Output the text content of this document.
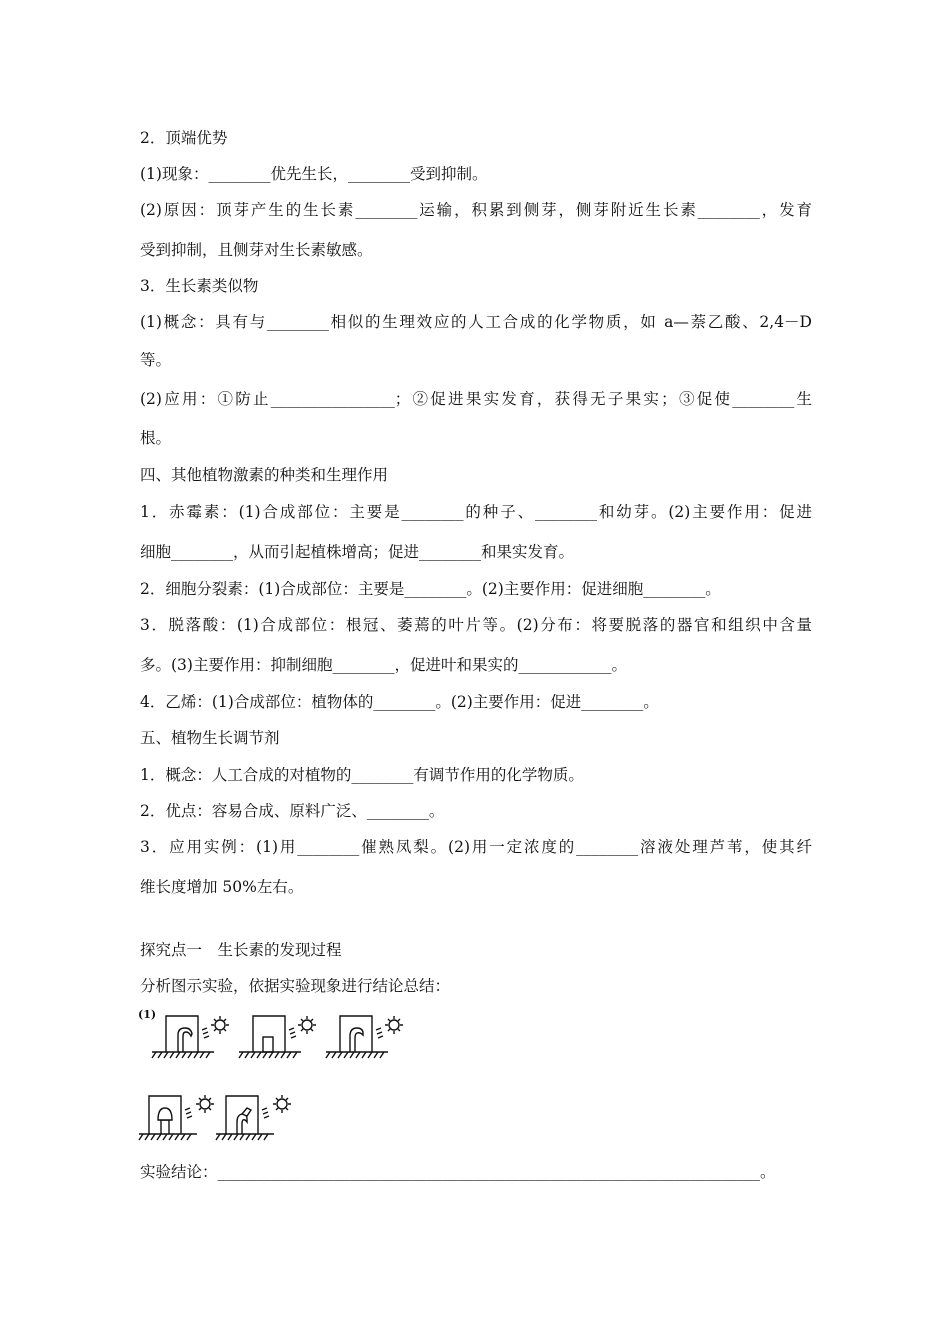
2．顶端优势
(1)现象：________优先生长，________受到抑制。
(2)原因：顶芽产生的生长素________运输，积累到侧芽，侧芽附近生长素________，发育
受到抑制，且侧芽对生长素敏感。
3．生长素类似物
(1)概念：具有与________相似的生理效应的人工合成的化学物质，如 a—萘乙酸、2,4－D
等。
(2)应用：①防止________________；②促进果实发育，获得无子果实；③促使________生
根。
四、其他植物激素的种类和生理作用
1．赤霉素：(1)合成部位：主要是________的种子、________和幼芽。(2)主要作用：促进
细胞________，从而引起植株增高；促进________和果实发育。
2．细胞分裂素：(1)合成部位：主要是________。(2)主要作用：促进细胞________。
3．脱落酸：(1)合成部位：根冠、萎蔫的叶片等。(2)分布：将要脱落的器官和组织中含量
多。(3)主要作用：抑制细胞________，促进叶和果实的____________。
4．乙烯：(1)合成部位：植物体的________。(2)主要作用：促进________。
五、植物生长调节剂
1．概念：人工合成的对植物的________有调节作用的化学物质。
2．优点：容易合成、原料广泛、________。
3．应用实例：(1)用________催熟凤梨。(2)用一定浓度的________溶液处理芦苇，使其纤
维长度增加 50%左右。
探究点一　生长素的发现过程
分析图示实验，依据实验现象进行结论总结：
(1)
实验结论：______________________________________________________________________。
